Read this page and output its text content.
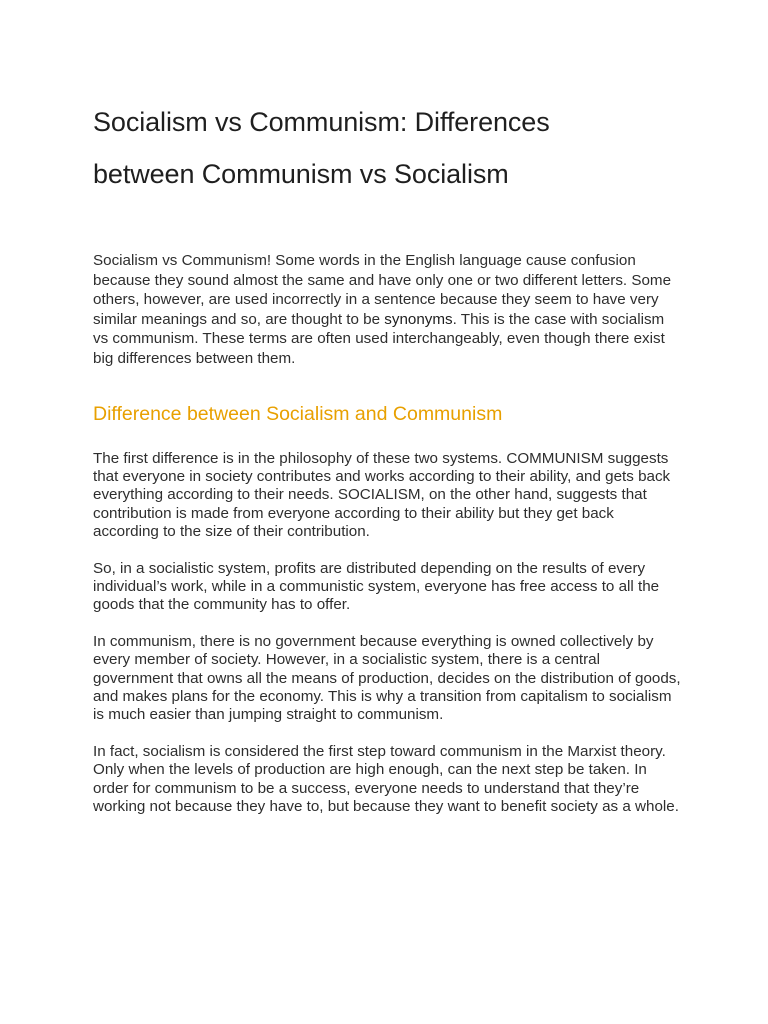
Socialism vs Communism: Differences
between Communism vs Socialism

Socialism vs Communism! Some words in the English language cause confusion because they sound almost the same and have only one or two different letters. Some others, however, are used incorrectly in a sentence because they seem to have very similar meanings and so, are thought to be synonyms. This is the case with socialism vs communism. These terms are often used interchangeably, even though there exist big differences between them.

Difference between Socialism and Communism

The first difference is in the philosophy of these two systems. COMMUNISM suggests that everyone in society contributes and works according to their ability, and gets back everything according to their needs. SOCIALISM, on the other hand, suggests that contribution is made from everyone according to their ability but they get back according to the size of their contribution.

So, in a socialistic system, profits are distributed depending on the results of every individual’s work, while in a communistic system, everyone has free access to all the goods that the community has to offer.

In communism, there is no government because everything is owned collectively by every member of society. However, in a socialistic system, there is a central government that owns all the means of production, decides on the distribution of goods, and makes plans for the economy. This is why a transition from capitalism to socialism is much easier than jumping straight to communism.

In fact, socialism is considered the first step toward communism in the Marxist theory. Only when the levels of production are high enough, can the next step be taken. In order for communism to be a success, everyone needs to understand that they’re working not because they have to, but because they want to benefit society as a whole.
